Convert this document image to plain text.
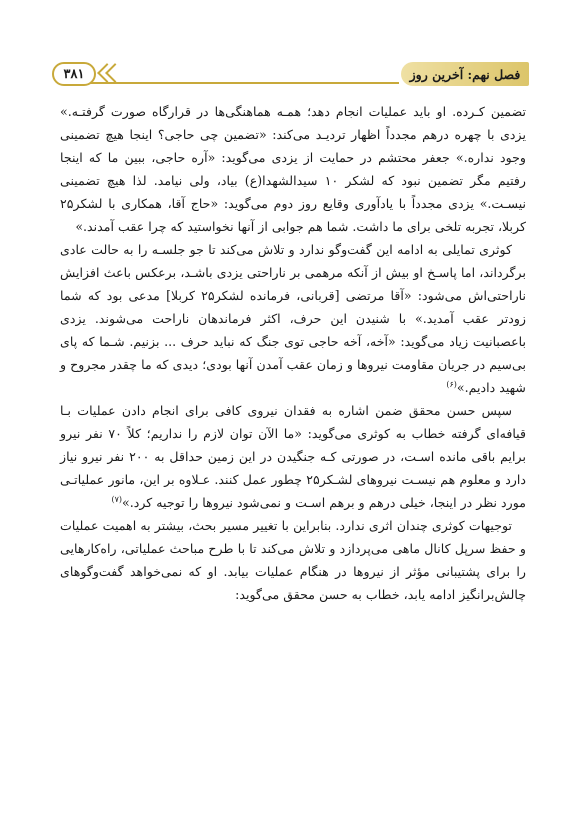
۳۸۱	فصل نهم: آخرین روز

تضمین کـرده. او باید عملیات انجام دهد؛ همـه هماهنگی‌ها در قرارگاه صورت گرفتـه.» یزدی با چهره درهم مجدداً اظهار تردیـد می‌کند: «تضمین چی حاجی؟ اینجا هیچ تضمینی وجود نداره.» جعفر محتشم در حمایت از یزدی می‌گوید: «آره حاجی، ببین ما که اینجا رفتیم مگر تضمین نبود که لشکر ۱۰ سیدالشهدا(ع) بیاد، ولی نیامد. لذا هیچ تضمینی نیسـت.» یزدی مجدداً با یادآوری وقایع روز دوم می‌گوید: «حاج آقا، همکاری با لشکر۲۵ کربلا، تجربه تلخی برای ما داشت. شما هم جوابی از آنها نخواستید که چرا عقب آمدند.»

کوثری تمایلی به ادامه این گفت‌وگو ندارد و تلاش می‌کند تا جو جلسـه را به حالت عادی برگرداند، اما پاسـخ او بیش از آنکه مرهمی بر ناراحتی یزدی باشـد، برعکس باعث افزایش ناراحتی‌اش می‌شود: «آقا مرتضی [قربانی، فرمانده لشکر۲۵ کربلا] مدعی بود که شما زودتر عقب آمدید.» با شنیدن این حرف، اکثر فرماندهان ناراحت می‌شوند. یزدی باعصبانیت زیاد می‌گوید: «آخه، آخه حاجی توی جنگ که نباید حرف ... بزنیم. شـما که پای بی‌سیم در جریان مقاومت نیروها و زمان عقب آمدن آنها بودی؛ دیدی که ما چقدر مجروح و شهید دادیم.»$^{(۶)}$

سپس حسن محقق ضمن اشاره به فقدان نیروی کافی برای انجام دادن عملیات بـا قیافه‌ای گرفته خطاب به کوثری می‌گوید: «ما الآن توان لازم را نداریم؛ کلاً ۷۰ نفر نیرو برایم باقی مانده اسـت، در صورتی کـه جنگیدن در این زمین حداقل به ۲۰۰ نفر نیرو نیاز دارد و معلوم هم نیسـت نیروهای لشـکر۲۵ چطور عمل کنند. عـلاوه بر این، مانور عملیاتـی مورد نظر در اینجا، خیلی درهم و برهم اسـت و نمی‌شود نیروها را توجیه کرد.»$^{(۷)}$

توجیهات کوثری چندان اثری ندارد. بنابراین با تغییر مسیر بحث، بیشتر به اهمیت عملیات و حفظ سرپل کانال ماهی می‌پردازد و تلاش می‌کند تا با طرح مباحث عملیاتی، راه‌کارهایی را برای پشتیبانی مؤثر از نیروها در هنگام عملیات بیابد. او که نمی‌خواهد گفت‌وگوهای چالش‌برانگیز ادامه یابد، خطاب به حسن محقق می‌گوید:
